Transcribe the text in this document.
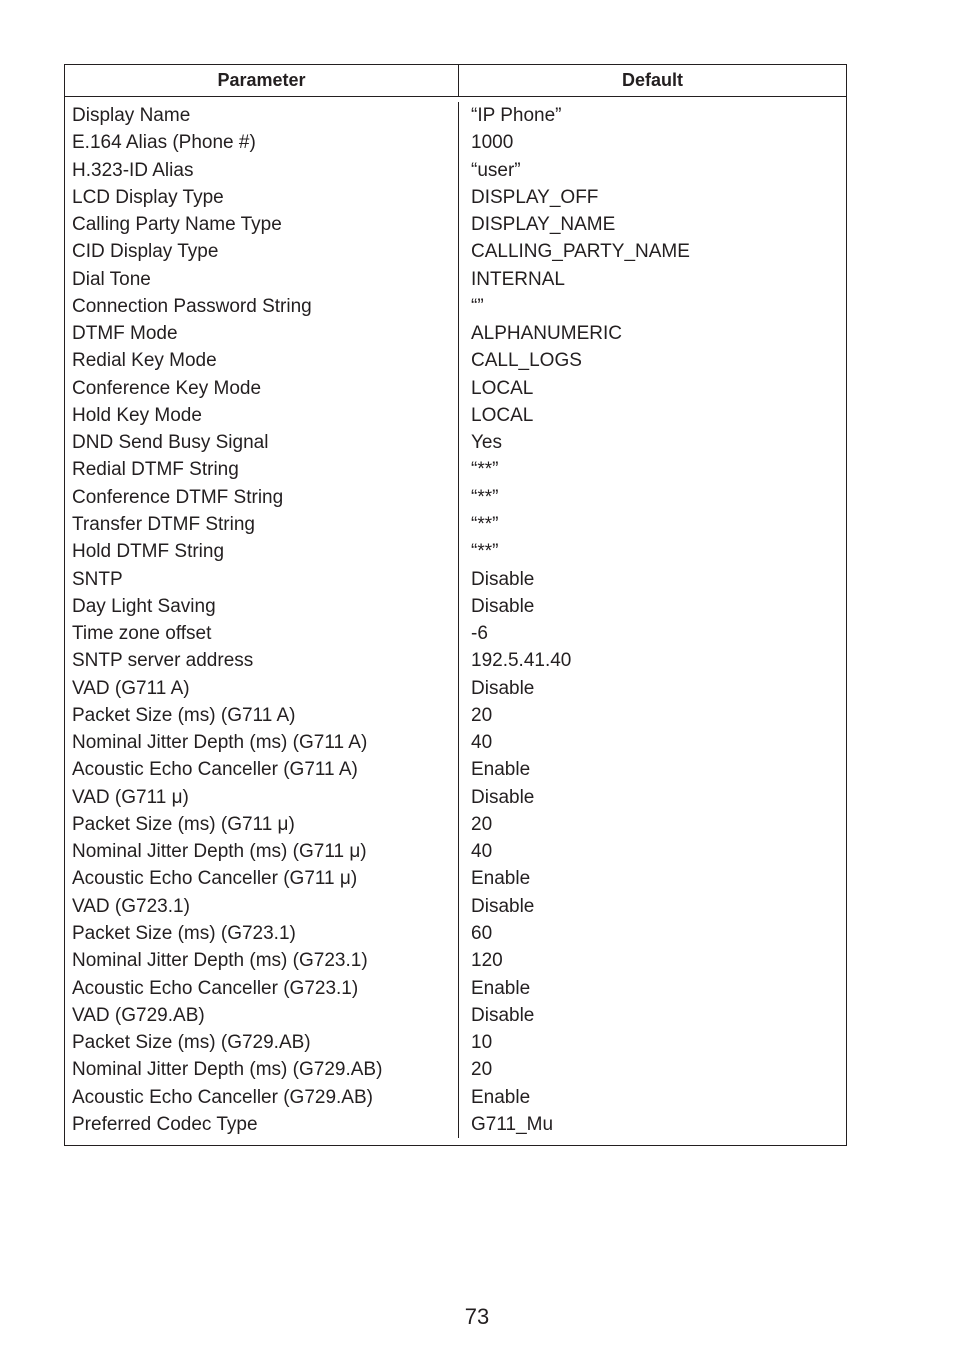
Parameter	Default
Display Name
E.164 Alias (Phone #)
H.323-ID Alias
LCD Display Type
Calling Party Name Type
CID Display Type
Dial Tone
Connection Password String
DTMF Mode
Redial Key Mode
Conference Key Mode
Hold Key Mode
DND Send Busy Signal
Redial DTMF String
Conference DTMF String
Transfer DTMF String
Hold DTMF String
SNTP
Day Light Saving
Time zone offset
SNTP server address
VAD (G711 A)
Packet Size (ms) (G711 A)
Nominal Jitter Depth (ms) (G711 A)
Acoustic Echo Canceller (G711 A)
VAD (G711 μ)
Packet Size (ms) (G711 μ)
Nominal Jitter Depth (ms) (G711 μ)
Acoustic Echo Canceller (G711 μ)
VAD (G723.1)
Packet Size (ms) (G723.1)
Nominal Jitter Depth (ms) (G723.1)
Acoustic Echo Canceller (G723.1)
VAD (G729.AB)
Packet Size (ms) (G729.AB)
Nominal Jitter Depth (ms) (G729.AB)
Acoustic Echo Canceller (G729.AB)
Preferred Codec Type
“IP Phone”
1000
“user”
DISPLAY_OFF
DISPLAY_NAME
CALLING_PARTY_NAME
INTERNAL
“”
ALPHANUMERIC
CALL_LOGS
LOCAL
LOCAL
Yes
“**”
“**”
“**”
“**”
Disable
Disable
-6
192.5.41.40
Disable
20
40
Enable
Disable
20
40
Enable
Disable
60
120
Enable
Disable
10
20
Enable
G711_Mu
73
